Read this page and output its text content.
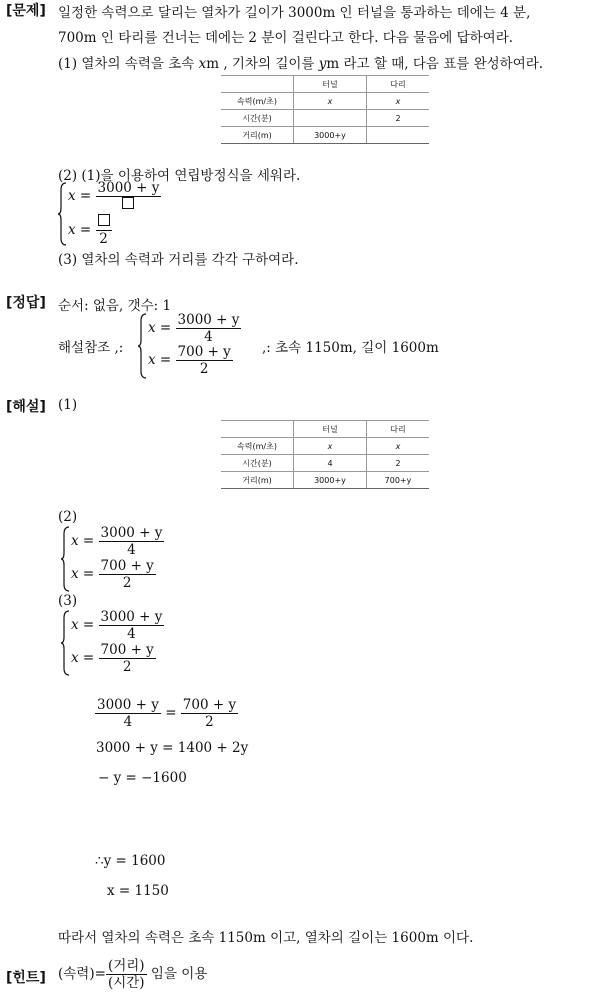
[문제]
[정답]
[해설]
[힌트]
일정한 속력으로 달리는 열차가 길이가 3000m 인 터널을 통과하는 데에는 4 분,
700m 인 타리를 건너는 데에는 2 분이 걸린다고 한다. 다음 물음에 답하여라.
(1) 열차의 속력을 초속 xm , 기차의 길이를 ym 라고 할 때, 다음 표를 완성하여라.
	터널	다리
속력(m/초)	x	x
시간(분)		2
거리(m)	3000+y	
(2) (1)을 이용하여 연립방정식을 세워라.
x = 3000 + y
x =
2
(3) 열차의 속력과 거리를 각각 구하여라.
순서: 없음, 갯수: 1
해설참조 ,:
$x = \frac{3000 + y}{4}$
$x = \frac{700 + y}{2}$ ,: 초속 1150m, 길이 1600m
(1)
	터널	다리
속력(m/초)	x	x
시간(분)	4	2
거리(m)	3000+y	700+y
(2)
$x = \frac{3000 + y}{4}$
$x = \frac{700 + y}{2}$
(3)
$x = \frac{3000 + y}{4}$
$x = \frac{700 + y}{2}$
$\frac{3000 + y}{4} = \frac{700 + y}{2}$
3000 + y = 1400 + 2y
− y = −1600
∴y = 1600
x = 1150
따라서 열차의 속력은 초속 1150m 이고, 열차의 길이는 1600m 이다.
(속력)= $\frac{\text{(거리)}}{\text{(시간)}}$ 임을 이용
